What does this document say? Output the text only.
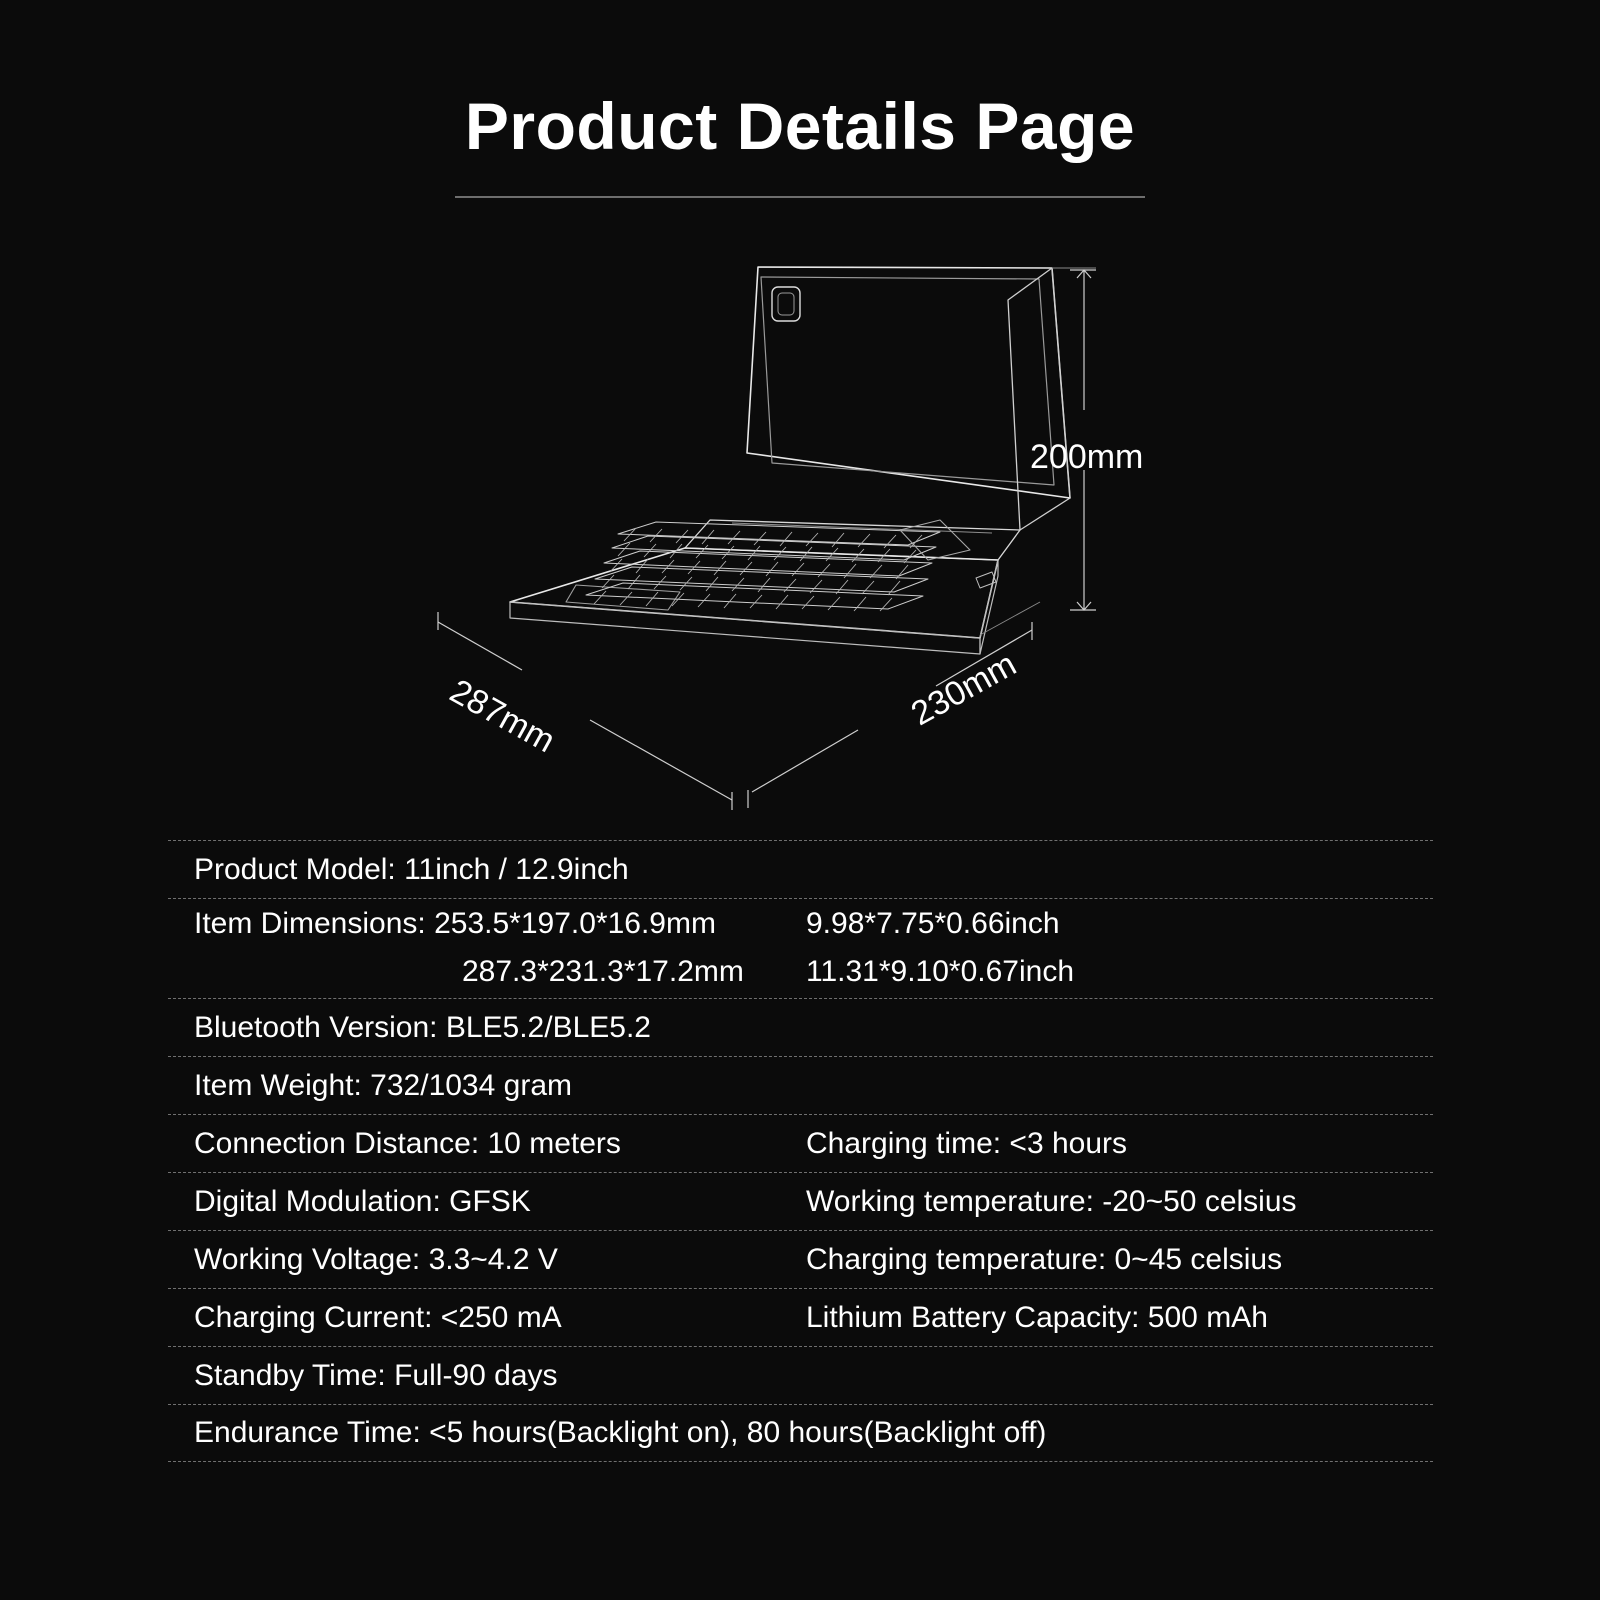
Product Details Page
200mm
287mm	230mm
Product Model: 11inch / 12.9inch
Item Dimensions: 253.5*197.0*16.9mm	9.98*7.75*0.66inch
287.3*231.3*17.2mm 11.31*9.10*0.67inch
Bluetooth Version: BLE5.2/BLE5.2
Item Weight: 732/1034 gram
Connection Distance: 10 meters	Charging time: <3 hours
Digital Modulation: GFSK	Working temperature: -20~50 celsius
Working Voltage: 3.3~4.2 V	Charging temperature: 0~45 celsius
Charging Current: <250 mA	Lithium Battery Capacity: 500 mAh
Standby Time: Full-90 days
Endurance Time: <5 hours(Backlight on), 80 hours(Backlight off)
